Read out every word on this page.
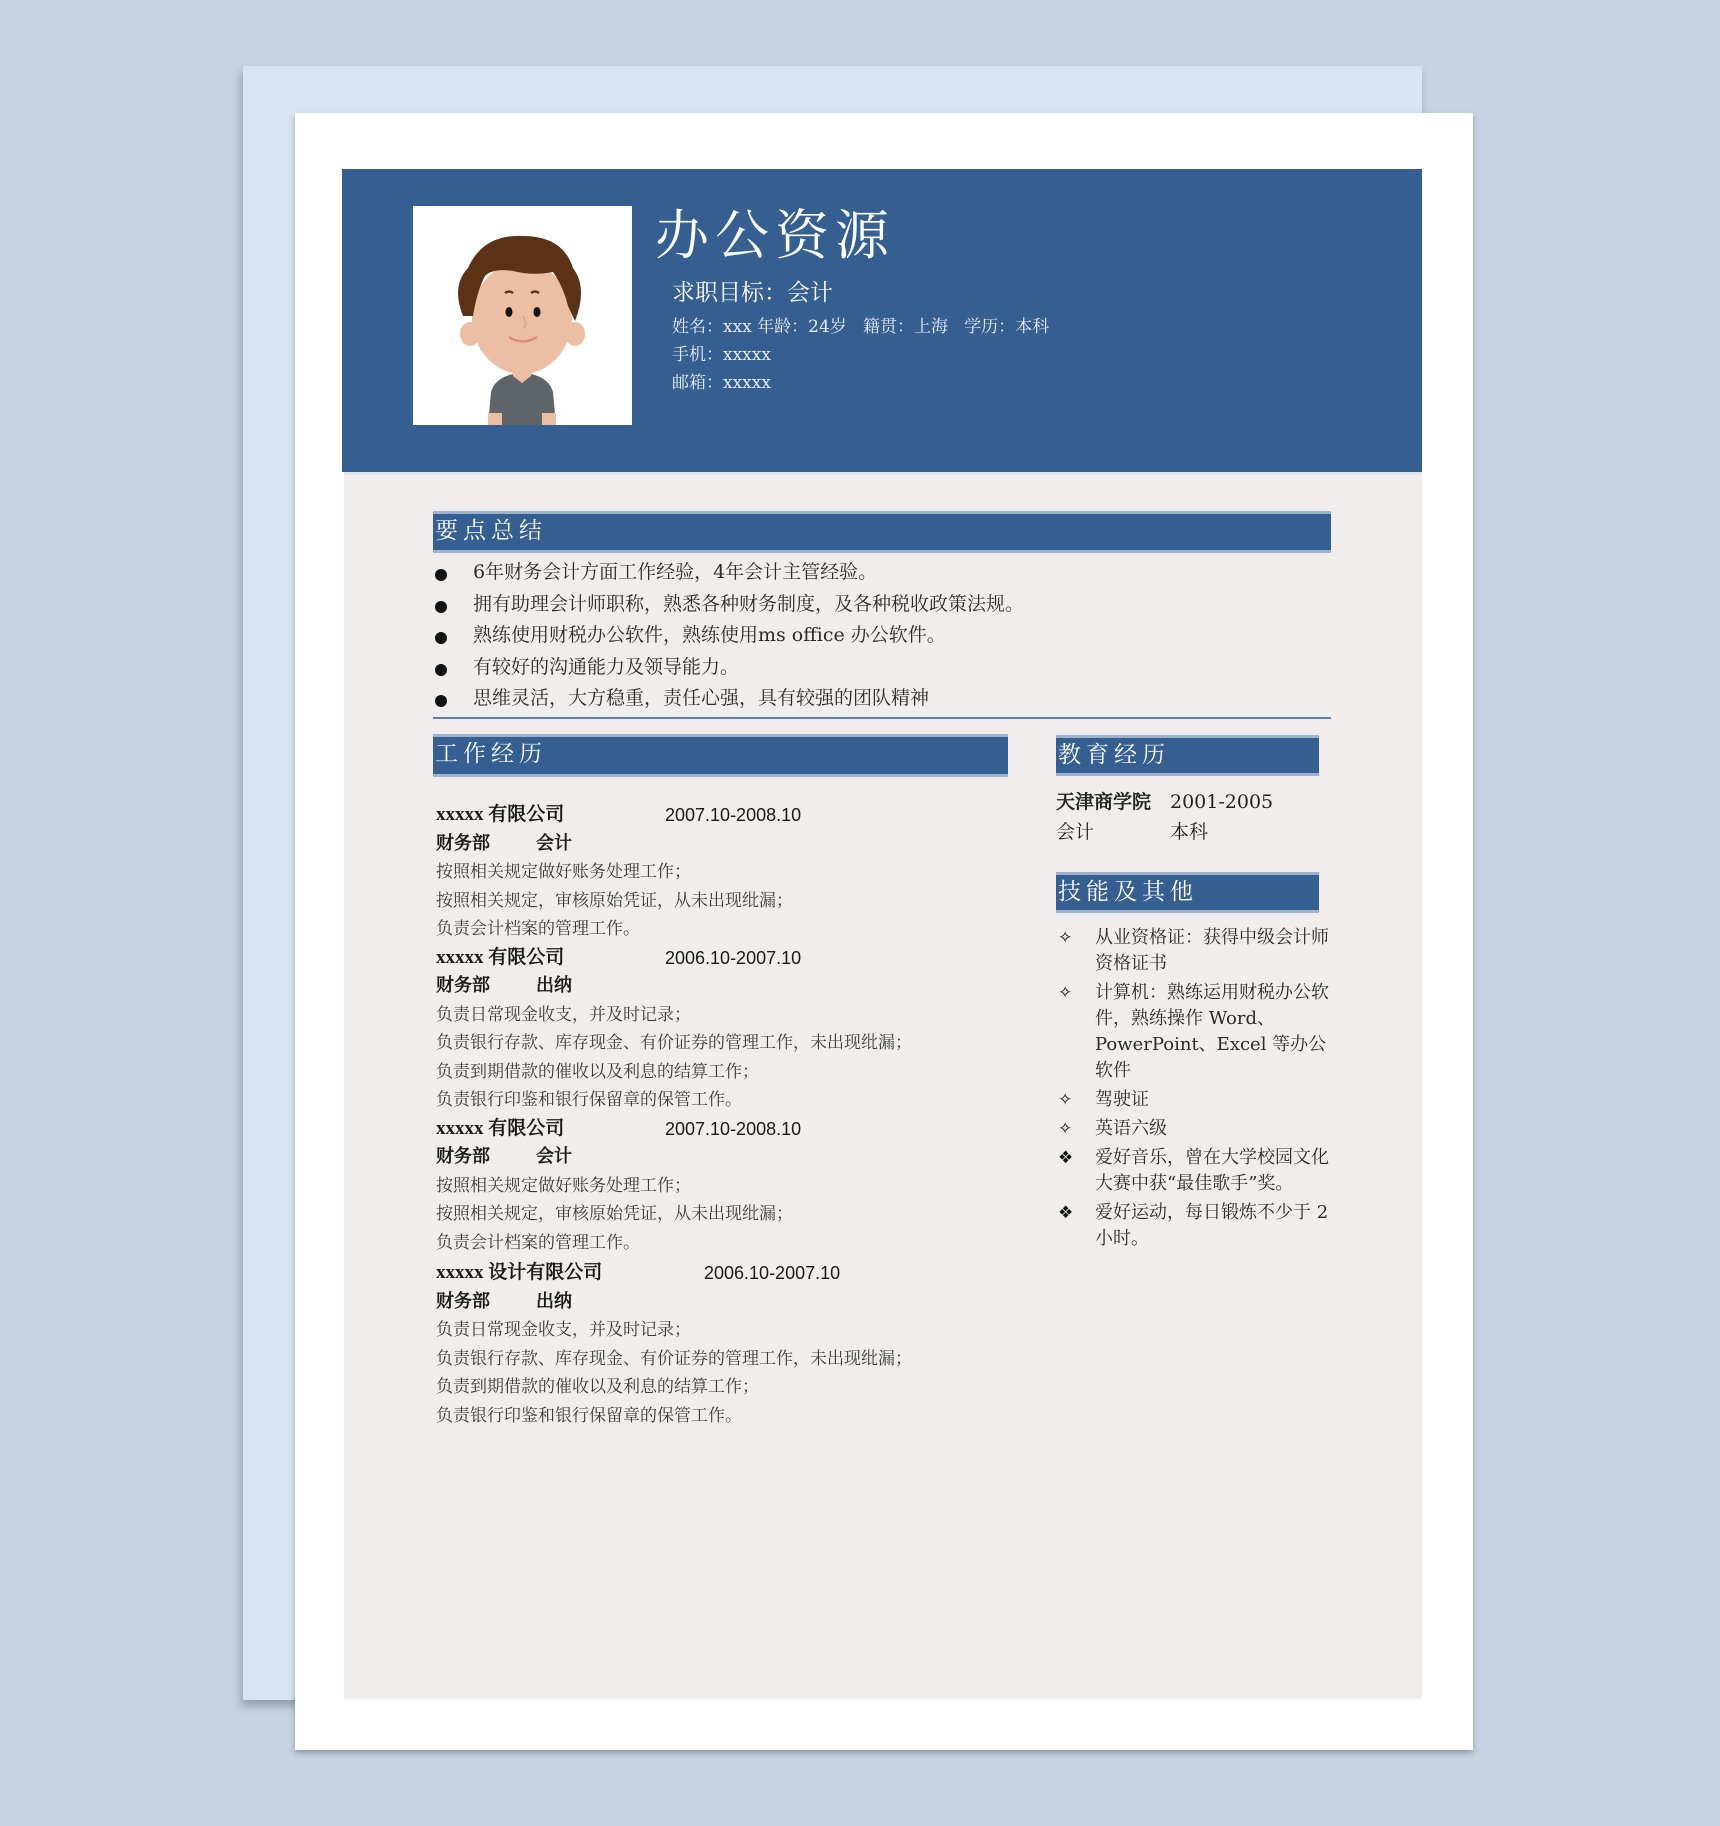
办公资源
求职目标：会计
姓名：xxx 年龄：24岁   籍贯：上海   学历：本科
手机：xxxxx
邮箱：xxxxx
要点总结
6年财务会计方面工作经验，4年会计主管经验。
拥有助理会计师职称，熟悉各种财务制度，及各种税收政策法规。
熟练使用财税办公软件，熟练使用ms office 办公软件。
有较好的沟通能力及领导能力。
思维灵活，大方稳重，责任心强，具有较强的团队精神
工作经历
xxxxx 有限公司	2007.10-2008.10
财务部	会计
按照相关规定做好账务处理工作；
按照相关规定，审核原始凭证，从未出现纰漏；
负责会计档案的管理工作。
xxxxx 有限公司	2006.10-2007.10
财务部	出纳
负责日常现金收支，并及时记录；
负责银行存款、库存现金、有价证券的管理工作，未出现纰漏；
负责到期借款的催收以及利息的结算工作；
负责银行印鉴和银行保留章的保管工作。
xxxxx 有限公司	2007.10-2008.10
财务部	会计
按照相关规定做好账务处理工作；
按照相关规定，审核原始凭证，从未出现纰漏；
负责会计档案的管理工作。
xxxxx 设计有限公司	2006.10-2007.10
财务部	出纳
负责日常现金收支，并及时记录；
负责银行存款、库存现金、有价证券的管理工作，未出现纰漏；
负责到期借款的催收以及利息的结算工作；
负责银行印鉴和银行保留章的保管工作。
教育经历
天津商学院 2001-2005
会计	本科
技能及其他
✧ 从业资格证：获得中级会计师资格证书
✧ 计算机：熟练运用财税办公软件，熟练操作 Word、PowerPoint、Excel 等办公软件
✧ 驾驶证
✧ 英语六级
❖ 爱好音乐，曾在大学校园文化大赛中获“最佳歌手”奖。
❖ 爱好运动，每日锻炼不少于 2 小时。
